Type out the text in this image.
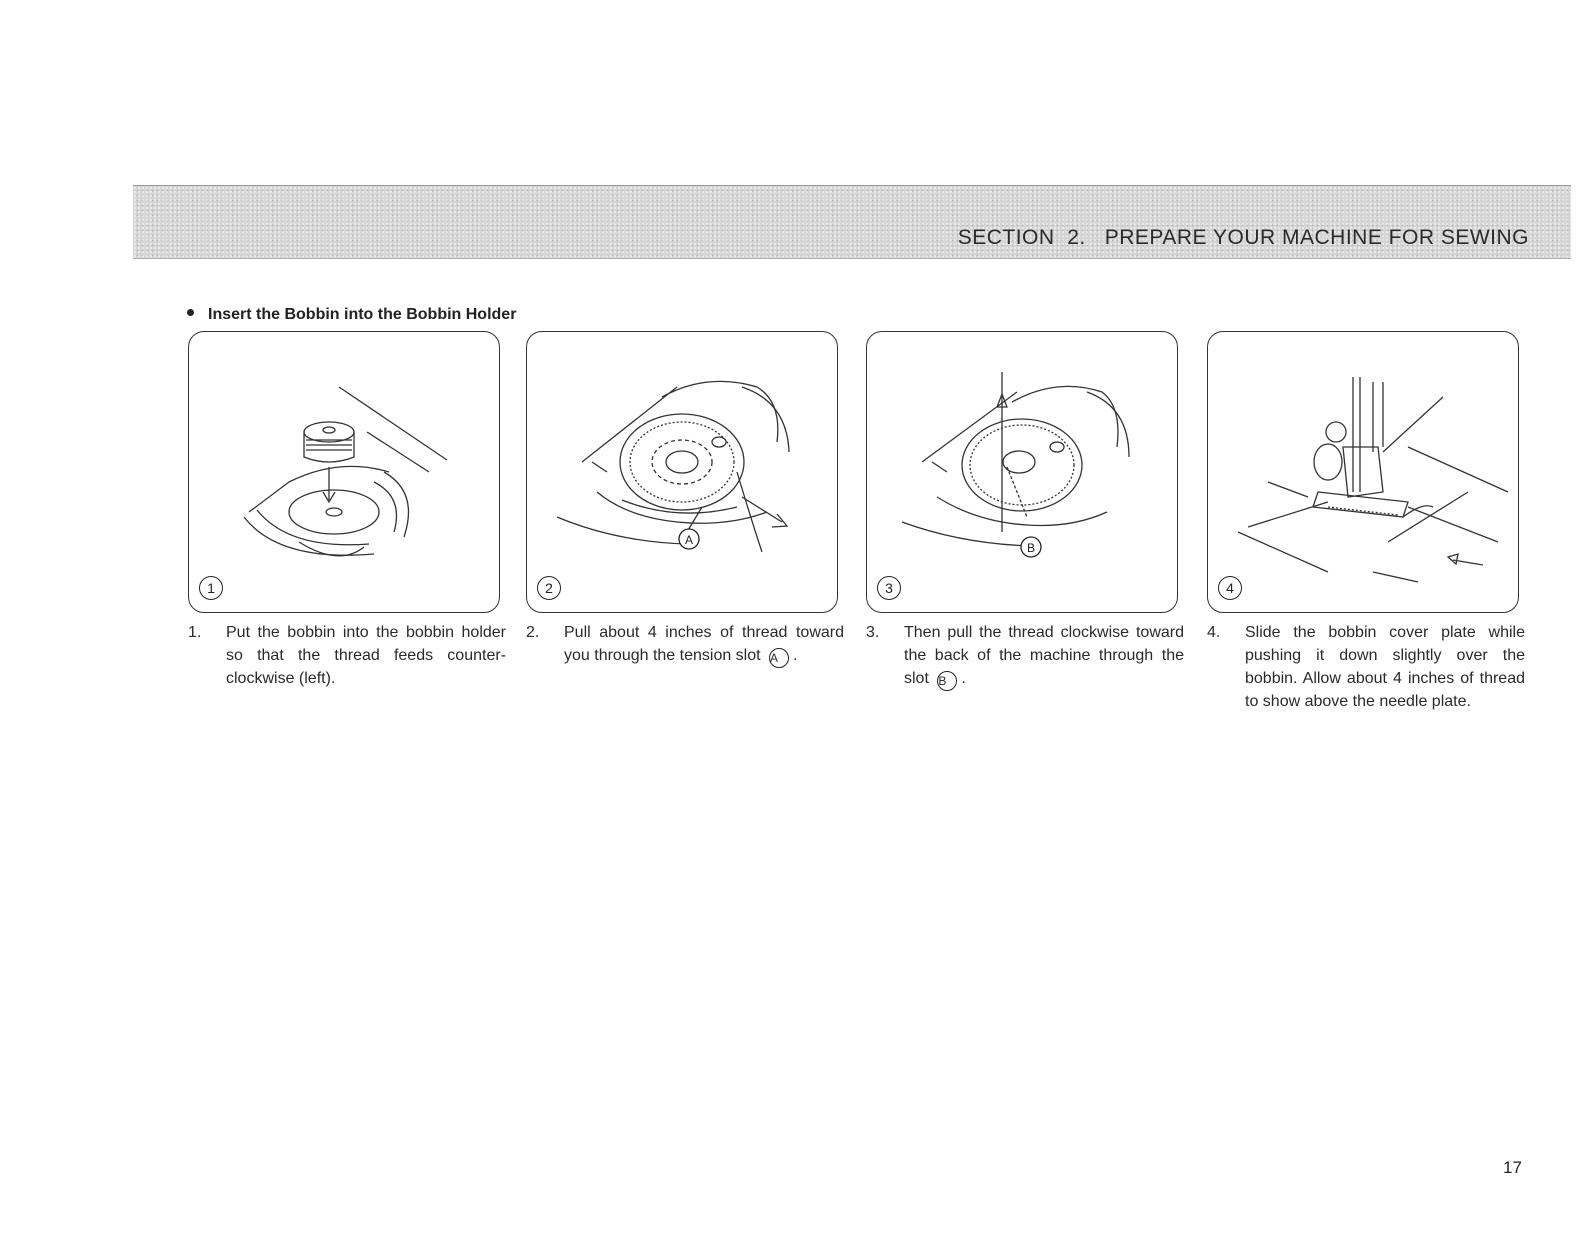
SECTION  2.   PREPARE YOUR MACHINE FOR SEWING
Insert the Bobbin into the Bobbin Holder
1
A
2
B
3	4
1. Put the bobbin into the bobbin holder so that the thread feeds counter-clockwise (left).
2. Pull about 4 inches of thread toward you through the tension slot A .
3. Then pull the thread clockwise toward the back of the machine through the slot B .
4. Slide the bobbin cover plate while pushing it down slightly over the bobbin. Allow about 4 inches of thread to show above the needle plate.
17
